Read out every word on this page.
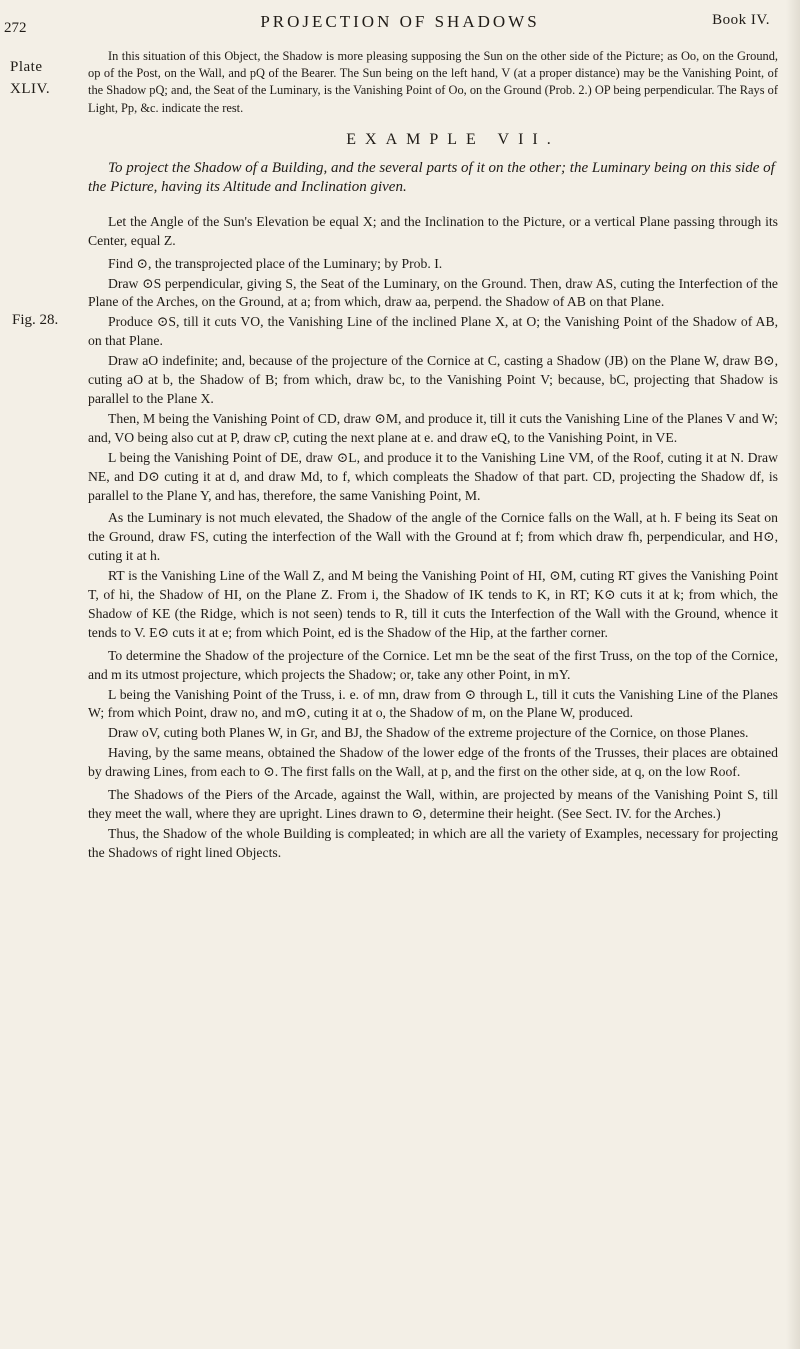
PROJECTION OF SHADOWS	Book IV.
272
Plate
XLIV.
Fig. 28.

In this situation of this Object, the Shadow is more pleasing supposing the Sun on the other side of the Picture; as Oo, on the Ground, op of the Post, on the Wall, and pQ of the Bearer. The Sun being on the left hand, V (at a proper distance) may be the Vanishing Point, of the Shadow pQ; and, the Seat of the Luminary, is the Vanishing Point of Oo, on the Ground (Prob. 2.) OP being perpendicular. The Rays of Light, Pp, &c. indicate the rest.

EXAMPLE VII.

To project the Shadow of a Building, and the several parts of it on the other; the Luminary being on this side of the Picture, having its Altitude and Inclination given.

Let the Angle of the Sun's Elevation be equal X; and the Inclination to the Picture, or a vertical Plane passing through its Center, equal Z.

Find ⊙, the transprojected place of the Luminary; by Prob. I.

Draw ⊙S perpendicular, giving S, the Seat of the Luminary, on the Ground. Then, draw AS, cuting the Interfection of the Plane of the Arches, on the Ground, at a; from which, draw aa, perpend. the Shadow of AB on that Plane.

Produce ⊙S, till it cuts VO, the Vanishing Line of the inclined Plane X, at O; the Vanishing Point of the Shadow of AB, on that Plane.

Draw aO indefinite; and, because of the projecture of the Cornice at C, casting a Shadow (JB) on the Plane W, draw B⊙, cuting aO at b, the Shadow of B; from which, draw bc, to the Vanishing Point V; because, bC, projecting that Shadow is parallel to the Plane X.

Then, M being the Vanishing Point of CD, draw ⊙M, and produce it, till it cuts the Vanishing Line of the Planes V and W; and, VO being also cut at P, draw cP, cuting the next plane at e. and draw eQ, to the Vanishing Point, in VE.

L being the Vanishing Point of DE, draw ⊙L, and produce it to the Vanishing Line VM, of the Roof, cuting it at N. Draw NE, and D⊙ cuting it at d, and draw Md, to f, which compleats the Shadow of that part. CD, projecting the Shadow df, is parallel to the Plane Y, and has, therefore, the same Vanishing Point, M.

As the Luminary is not much elevated, the Shadow of the angle of the Cornice falls on the Wall, at h. F being its Seat on the Ground, draw FS, cuting the interfection of the Wall with the Ground at f; from which draw fh, perpendicular, and H⊙, cuting it at h.

RT is the Vanishing Line of the Wall Z, and M being the Vanishing Point of HI, ⊙M, cuting RT gives the Vanishing Point T, of hi, the Shadow of HI, on the Plane Z. From i, the Shadow of IK tends to K, in RT; K⊙ cuts it at k; from which, the Shadow of KE (the Ridge, which is not seen) tends to R, till it cuts the Interfection of the Wall with the Ground, whence it tends to V. E⊙ cuts it at e; from which Point, ed is the Shadow of the Hip, at the farther corner.

To determine the Shadow of the projecture of the Cornice. Let mn be the seat of the first Truss, on the top of the Cornice, and m its utmost projecture, which projects the Shadow; or, take any other Point, in mY.

L being the Vanishing Point of the Truss, i. e. of mn, draw from ⊙ through L, till it cuts the Vanishing Line of the Planes W; from which Point, draw no, and m⊙, cuting it at o, the Shadow of m, on the Plane W, produced.

Draw oV, cuting both Planes W, in Gr, and BJ, the Shadow of the extreme projecture of the Cornice, on those Planes.

Having, by the same means, obtained the Shadow of the lower edge of the fronts of the Trusses, their places are obtained by drawing Lines, from each to ⊙. The first falls on the Wall, at p, and the first on the other side, at q, on the low Roof.

The Shadows of the Piers of the Arcade, against the Wall, within, are projected by means of the Vanishing Point S, till they meet the wall, where they are upright. Lines drawn to ⊙, determine their height. (See Sect. IV. for the Arches.)

Thus, the Shadow of the whole Building is compleated; in which are all the variety of Examples, necessary for projecting the Shadows of right lined Objects.
